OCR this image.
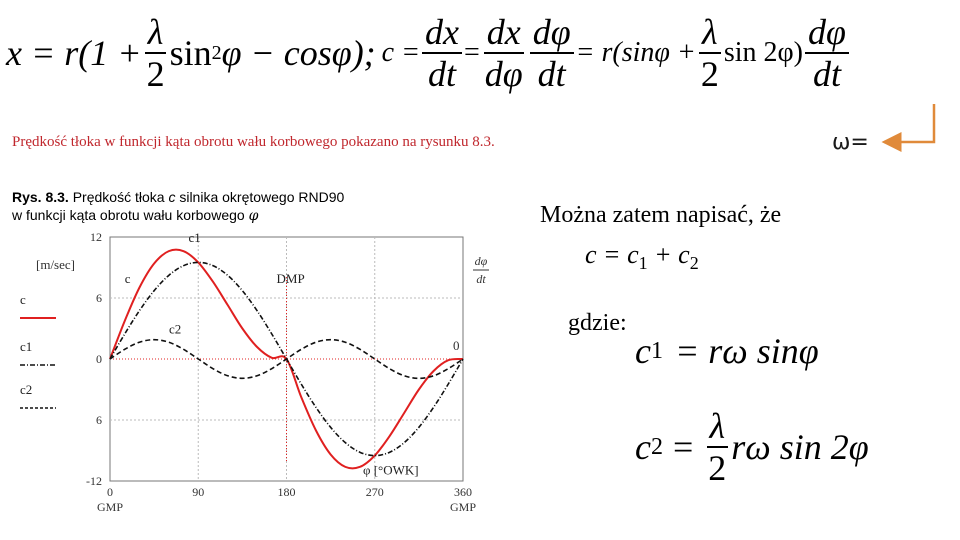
$x = r(1 + \frac{\lambda}{2}$ sin 2 φ − cosφ); $c = \frac{dx}{dt} = \frac{dx}{d\varphi} \frac{d\varphi}{dt} = r(\sin\varphi + \frac{\lambda}{2}$ $\sin 2\varphi) \frac{d\varphi}{dt}$
Prędkość tłoka w funkcji kąta obrotu wału korbowego pokazano na rysunku 8.3.	ω=
Rys. 8.3. Prędkość tłoka c silnika okrętowego RND90
w funkcji kąta obrotu wału korbowego φ
12
6
0
6
-12
0	90	180	270	360
GMP	GMP
[m/sec]	dφ
dt
0
c1
c	DMP
c2
φ [°OWK]
c
c1
c2
Można zatem napisać, że
$c = c_1 + c_2$
gdzie:
c 1 = rω sinφ
c $2 = \frac{\lambda}{2}$ rω sin 2φ
